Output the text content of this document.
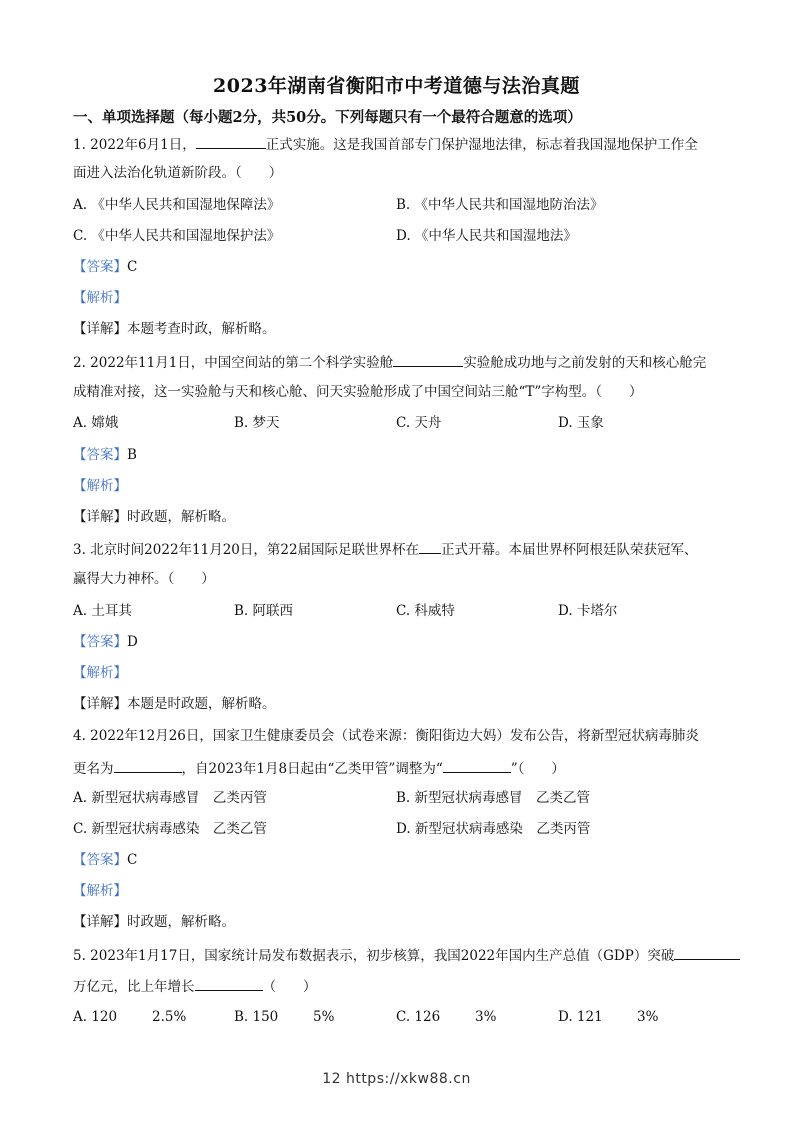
2023年湖南省衡阳市中考道德与法治真题
一、单项选择题（每小题2分，共50分。下列每题只有一个最符合题意的选项）
1. 2022年6月1日，	正式实施。这是我国首部专门保护湿地法律，标志着我国湿地保护工作全
面进入法治化轨道新阶段。（　　）
A. 《中华人民共和国湿地保障法》	B. 《中华人民共和国湿地防治法》
C. 《中华人民共和国湿地保护法》	D. 《中华人民共和国湿地法》
【答案】C
【解析】
【详解】本题考查时政，解析略。
2. 2022年11月1日，中国空间站的第二个科学实验舱	实验舱成功地与之前发射的天和核心舱完
成精准对接，这一实验舱与天和核心舱、问天实验舱形成了中国空间站三舱“T”字构型。（　　）
A. 嫦娥	B. 梦天	C. 天舟	D. 玉象
【答案】B
【解析】
【详解】时政题，解析略。
3. 北京时间2022年11月20日，第22届国际足联世界杯在 正式开幕。本届世界杯阿根廷队荣获冠军、
赢得大力神杯。（　　）
A. 土耳其	B. 阿联西	C. 科威特	D. 卡塔尔
【答案】D
【解析】
【详解】本题是时政题，解析略。
4. 2022年12月26日，国家卫生健康委员会（试卷来源：衡阳街边大妈）发布公告，将新型冠状病毒肺炎
更名为	，自2023年1月8日起由“乙类甲管”调整为“	”（　　）
A. 新型冠状病毒感冒　乙类丙管	B. 新型冠状病毒感冒　乙类乙管
C. 新型冠状病毒感染　乙类乙管	D. 新型冠状病毒感染　乙类丙管
【答案】C
【解析】
【详解】时政题，解析略。
5. 2023年1月17日，国家统计局发布数据表示，初步核算，我国2022年国内生产总值（GDP）突破
万亿元，比上年增长	（　　）
A. 120	2.5%	B. 150	5%	C. 126	3%	D. 121	3%
12 https://xkw88.cn
